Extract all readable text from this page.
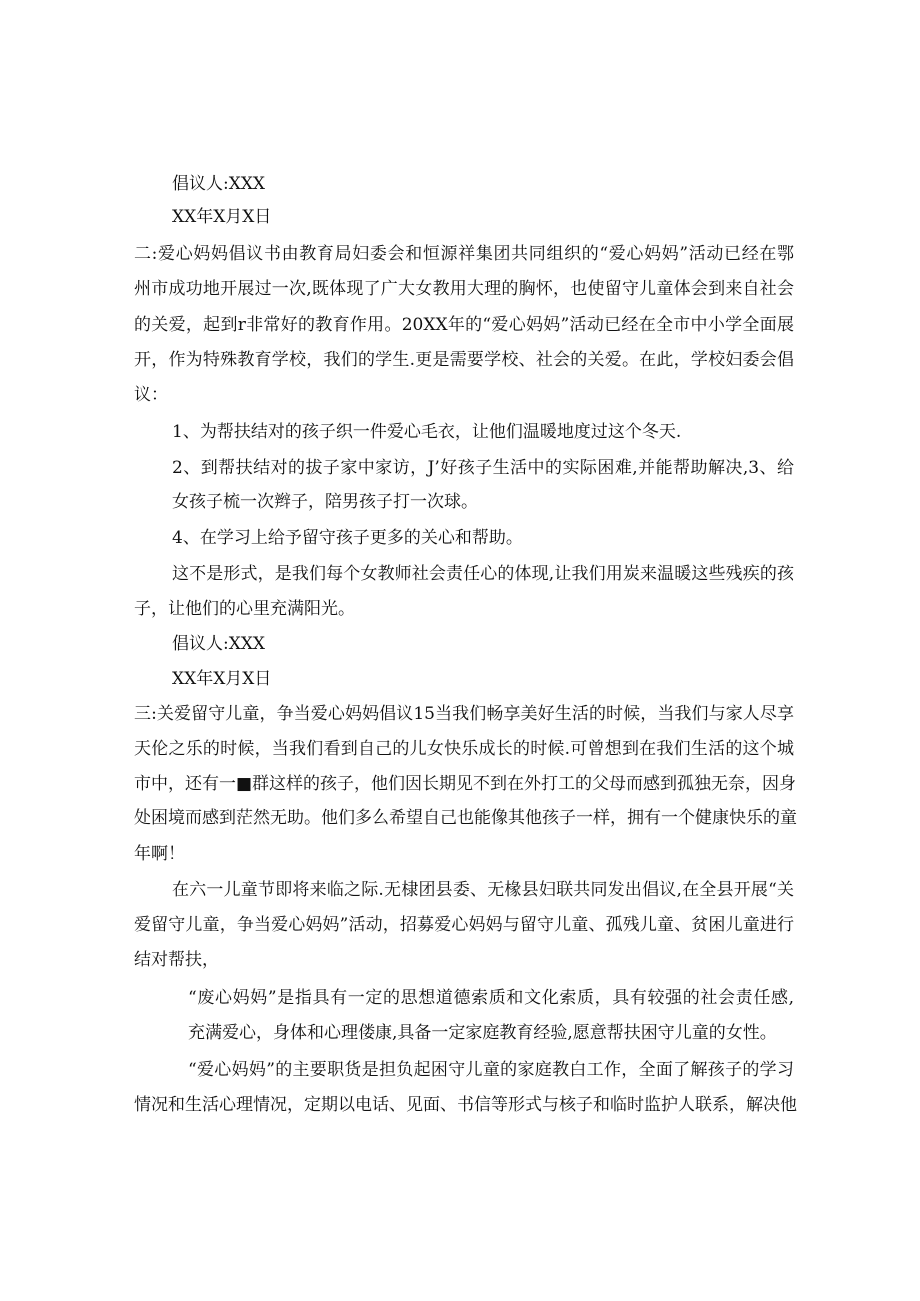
倡议人:XXX
XX年X月X日
二:爱心妈妈倡议书由教育局妇委会和恒源祥集团共同组织的“爱心妈妈”活动已经在鄂
州市成功地开展过一次,既体现了广大女教用大理的胸怀，也使留守儿童体会到来自社会
的关爱，起到r非常好的教育作用。20XX年的“爱心妈妈”活动已经在全市中小学全面展
开，作为特殊教育学校，我们的学生.更是需要学校、社会的关爱。在此，学校妇委会倡
议：
1、为帮扶结对的孩子织一件爱心毛衣，让他们温暖地度过这个冬天.
2、到帮扶结对的拔子家中家访，J’好孩子生活中的实际困难,并能帮助解决,3、给
女孩子梳一次辫子，陪男孩子打一次球。
4、在学习上给予留守孩子更多的关心和帮助。
这不是形式，是我们每个女教师社会责任心的体现,让我们用炭来温暖这些残疾的孩
子，让他们的心里充满阳光。
倡议人:XXX
XX年X月X日
三:关爱留守儿童，争当爱心妈妈倡议15当我们畅享美好生活的时候，当我们与家人尽享
天伦之乐的时候，当我们看到自己的儿女快乐成长的时候.可曾想到在我们生活的这个城
市中，还有一■群这样的孩子，他们因长期见不到在外打工的父母而感到孤独无奈，因身
处困境而感到茫然无助。他们多么希望自己也能像其他孩子一样，拥有一个健康快乐的童
年啊！
在六一儿童节即将来临之际.无棣团县委、无椽县妇联共同发出倡议,在全县开展“关
爱留守儿童，争当爱心妈妈”活动，招募爱心妈妈与留守儿童、孤残儿童、贫困儿童进行
结对帮扶，
“废心妈妈”是指具有一定的思想道德索质和文化索质，具有较强的社会责任感,
充满爱心，身体和心理偻康,具备一定家庭教育经验,愿意帮扶困守儿童的女性。
“爱心妈妈”的主要职货是担负起困守儿童的家庭教白工作，全面了解孩子的学习
情况和生活心理情况，定期以电话、见面、书信等形式与核子和临时监护人联系，解决他
